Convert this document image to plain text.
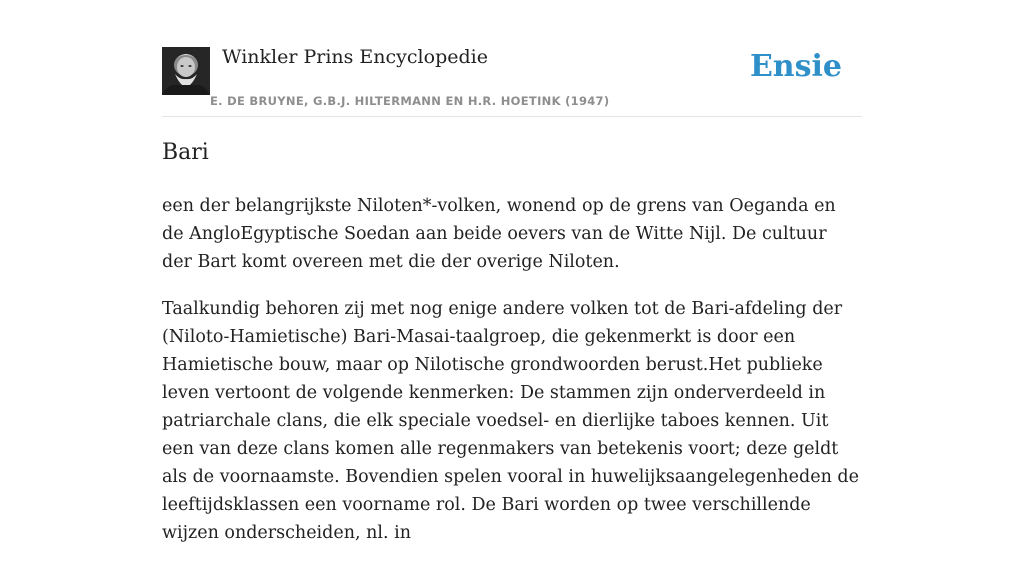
Winkler Prins Encyclopedie
E. DE BRUYNE, G.B.J. HILTERMANN EN H.R. HOETINK (1947)
Ensie
Bari

een der belangrijkste Niloten*-volken, wonend op de grens van Oeganda en de AngloEgyptische Soedan aan beide oevers van de Witte Nijl. De cultuur der Bart komt overeen met die der overige Niloten.

Taalkundig behoren zij met nog enige andere volken tot de Bari-afdeling der (Niloto-Hamietische) Bari-Masai-taalgroep, die gekenmerkt is door een Hamietische bouw, maar op Nilotische grondwoorden berust.Het publieke leven vertoont de volgende kenmerken: De stammen zijn onderverdeeld in patriarchale clans, die elk speciale voedsel- en dierlijke taboes kennen. Uit een van deze clans komen alle regenmakers van betekenis voort; deze geldt als de voornaamste. Bovendien spelen vooral in huwelijksaangelegenheden de leeftijdsklassen een voorname rol. De Bari worden op twee verschillende wijzen onderscheiden, nl. in
